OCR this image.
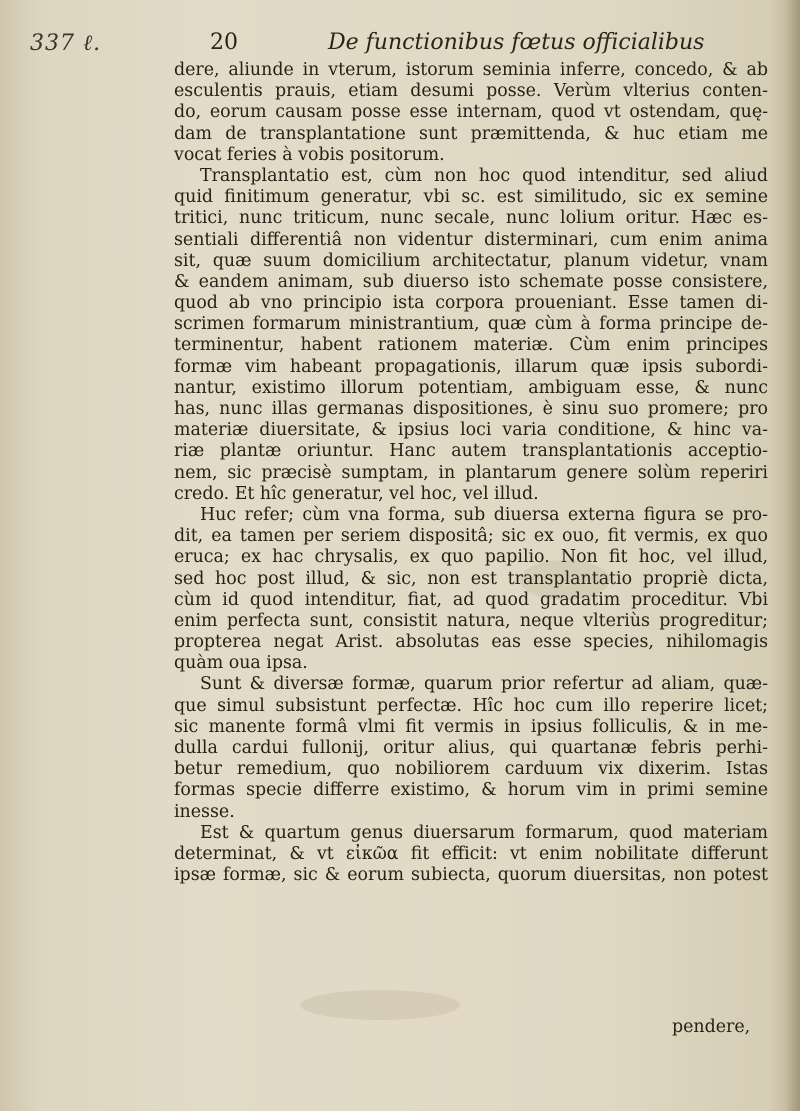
337 ℓ.	20	De functionibus fœtus officialibus
dere, aliunde in vterum, istorum seminia inferre, concedo, & ab
esculentis prauis, etiam desumi posse. Verùm vlterius conten-
do, eorum causam posse esse internam, quod vt ostendam, quę-
dam de transplantatione sunt præmittenda, & huc etiam me
vocat feries à vobis positorum.
Transplantatio est, cùm non hoc quod intenditur, sed aliud
quid finitimum generatur, vbi sc. est similitudo, sic ex semine
tritici, nunc triticum, nunc secale, nunc lolium oritur. Hæc es-
sentiali differentiâ non videntur disterminari, cum enim anima
sit, quæ suum domicilium architectatur, planum videtur, vnam
& eandem animam, sub diuerso isto schemate posse consistere,
quod ab vno principio ista corpora proueniant. Esse tamen di-
scrimen formarum ministrantium, quæ cùm à forma principe de-
terminentur, habent rationem materiæ. Cùm enim principes
formæ vim habeant propagationis, illarum quæ ipsis subordi-
nantur, existimo illorum potentiam, ambiguam esse, & nunc
has, nunc illas germanas dispositiones, è sinu suo promere; pro
materiæ diuersitate, & ipsius loci varia conditione, & hinc va-
riæ plantæ oriuntur. Hanc autem transplantationis acceptio-
nem, sic præcisè sumptam, in plantarum genere solùm reperiri
credo. Et hîc generatur, vel hoc, vel illud.
Huc refer; cùm vna forma, sub diuersa externa figura se pro-
dit, ea tamen per seriem dispositâ; sic ex ouo, fit vermis, ex quo
eruca; ex hac chrysalis, ex quo papilio. Non fit hoc, vel illud,
sed hoc post illud, & sic, non est transplantatio propriè dicta,
cùm id quod intenditur, fiat, ad quod gradatim proceditur. Vbi
enim perfecta sunt, consistit natura, neque vlteriùs progreditur;
propterea negat Arist. absolutas eas esse species, nihilomagis
quàm oua ipsa.
Sunt & diversæ formæ, quarum prior refertur ad aliam, quæ-
que simul subsistunt perfectæ. Hîc hoc cum illo reperire licet;
sic manente formâ vlmi fit vermis in ipsius folliculis, & in me-
dulla cardui fullonij, oritur alius, qui quartanæ febris perhi-
betur remedium, quo nobiliorem carduum vix dixerim. Istas
formas specie differre existimo, & horum vim in primi semine
inesse.
Est & quartum genus diuersarum formarum, quod materiam
determinat, & vt εἰκῶα fit efficit: vt enim nobilitate differunt
ipsæ formæ, sic & eorum subiecta, quorum diuersitas, non potest
pendere,
